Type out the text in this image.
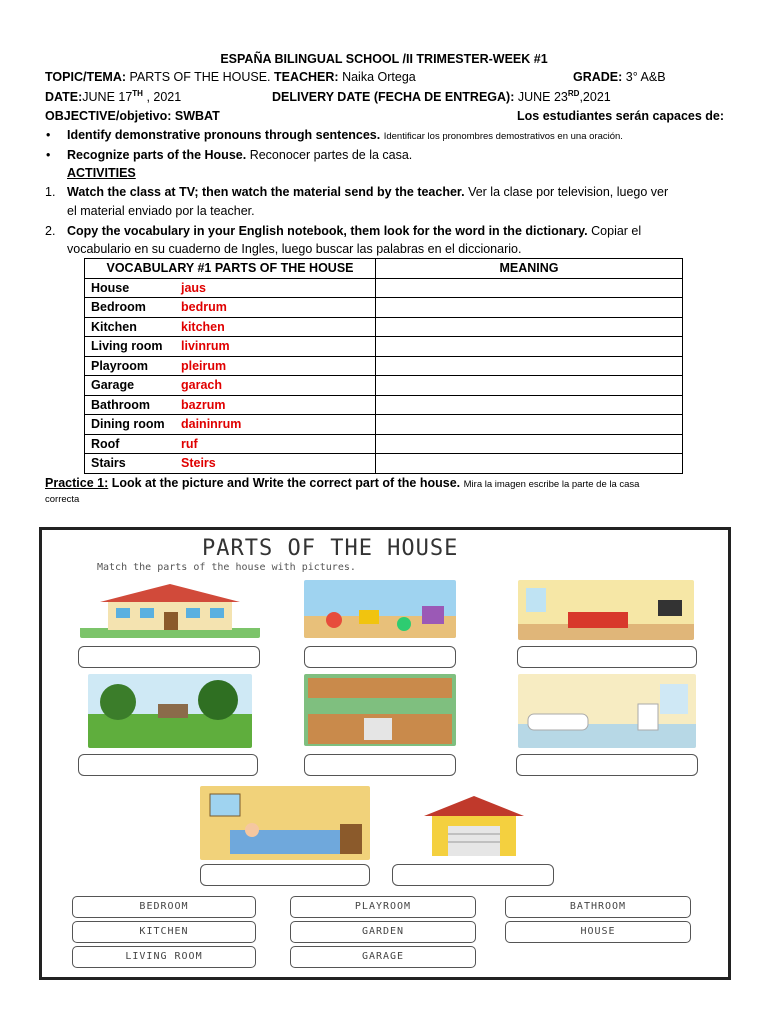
ESPAÑA BILINGUAL SCHOOL /II TRIMESTER-WEEK #1
TOPIC/TEMA: PARTS OF THE HOUSE. TEACHER: Naika Ortega	GRADE: 3° A&B
DATE:JUNE 17TH , 2021	DELIVERY DATE (FECHA DE ENTREGA): JUNE 23RD,2021
OBJECTIVE/objetivo: SWBAT	Los estudiantes serán capaces de:
• Identify demonstrative pronouns through sentences. Identificar los pronombres demostrativos en una oración.
• Recognize parts of the House. Reconocer partes de la casa.
ACTIVITIES
1. Watch the class at TV; then watch the material send by the teacher. Ver la clase por television, luego ver
el material enviado por la teacher.
2. Copy the vocabulary in your English notebook, them look for the word in the dictionary. Copiar el
vocabulario en su cuaderno de Ingles, luego buscar las palabras en el diccionario.
VOCABULARY #1 PARTS OF THE HOUSE	MEANING
House jaus	
Bedroom bedrum	
Kitchen kitchen	
Living room livinrum	
Playroom pleirum	
Garage garach	
Bathroom bazrum	
Dining room daininrum	
Roof ruf	
Stairs Steirs	
Practice 1: Look at the picture and Write the correct part of the house. Mira la imagen escribe la parte de la casa
correcta
PARTS OF THE HOUSE
Match the parts of the house with pictures.
BEDROOM	PLAYROOM	BATHROOM
KITCHEN	GARDEN	HOUSE
LIVING ROOM	GARAGE
